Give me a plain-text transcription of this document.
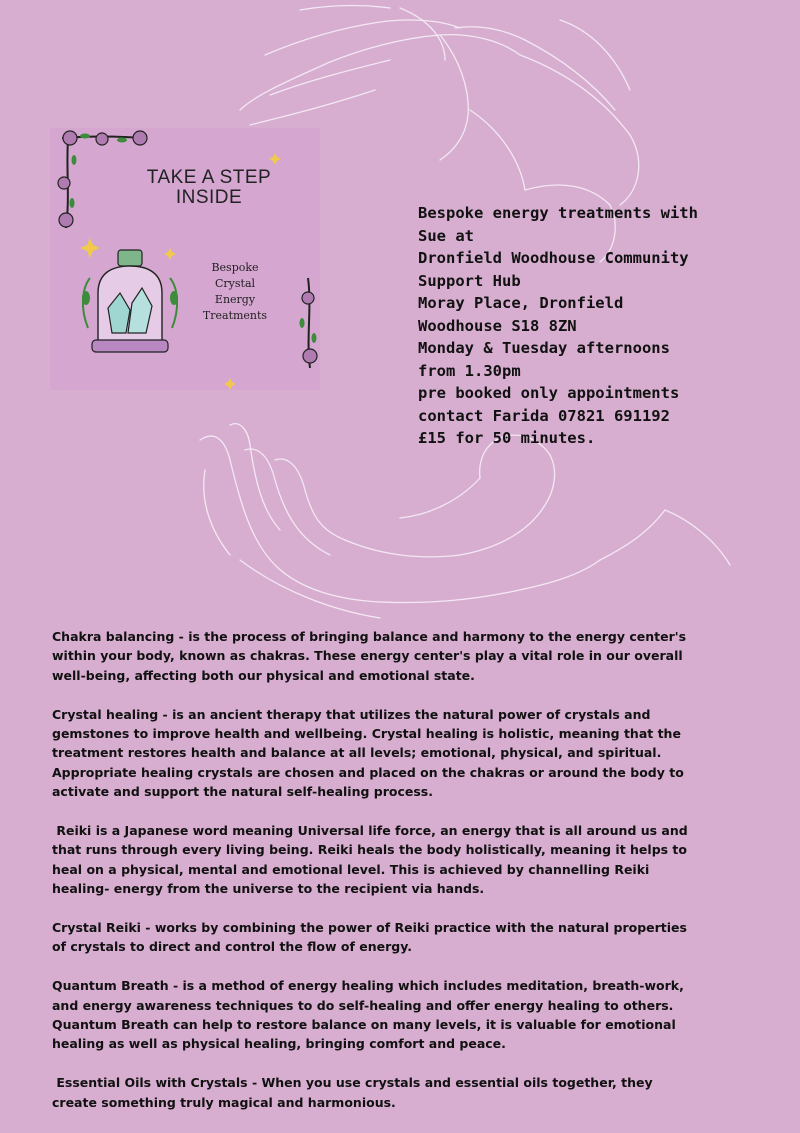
TAKE A STEP
INSIDE
Bespoke
Crystal
Energy
Treatments
Bespoke energy treatments with
Sue at
Dronfield Woodhouse Community
Support Hub
Moray Place, Dronfield
Woodhouse S18 8ZN
Monday & Tuesday afternoons
from 1.30pm
pre booked only appointments
contact Farida 07821 691192
£15 for 50 minutes.
Chakra balancing - is the process of bringing balance and harmony to the energy center's
within your body, known as chakras. These energy center's play a vital role in our overall
well-being, affecting both our physical and emotional state.
Crystal healing - is an ancient therapy that utilizes the natural power of crystals and
gemstones to improve health and wellbeing. Crystal healing is holistic, meaning that the
treatment restores health and balance at all levels; emotional, physical, and spiritual.
Appropriate healing crystals are chosen and placed on the chakras or around the body to
activate and support the natural self-healing process.
Reiki is a Japanese word meaning Universal life force, an energy that is all around us and
that runs through every living being. Reiki heals the body holistically, meaning it helps to
heal on a physical, mental and emotional level. This is achieved by channelling Reiki
healing- energy from the universe to the recipient via hands.
Crystal Reiki - works by combining the power of Reiki practice with the natural properties
of crystals to direct and control the flow of energy.
Quantum Breath - is a method of energy healing which includes meditation, breath-work,
and energy awareness techniques to do self-healing and offer energy healing to others.
Quantum Breath can help to restore balance on many levels, it is valuable for emotional
healing as well as physical healing, bringing comfort and peace.
Essential Oils with Crystals - When you use crystals and essential oils together, they
create something truly magical and harmonious.
